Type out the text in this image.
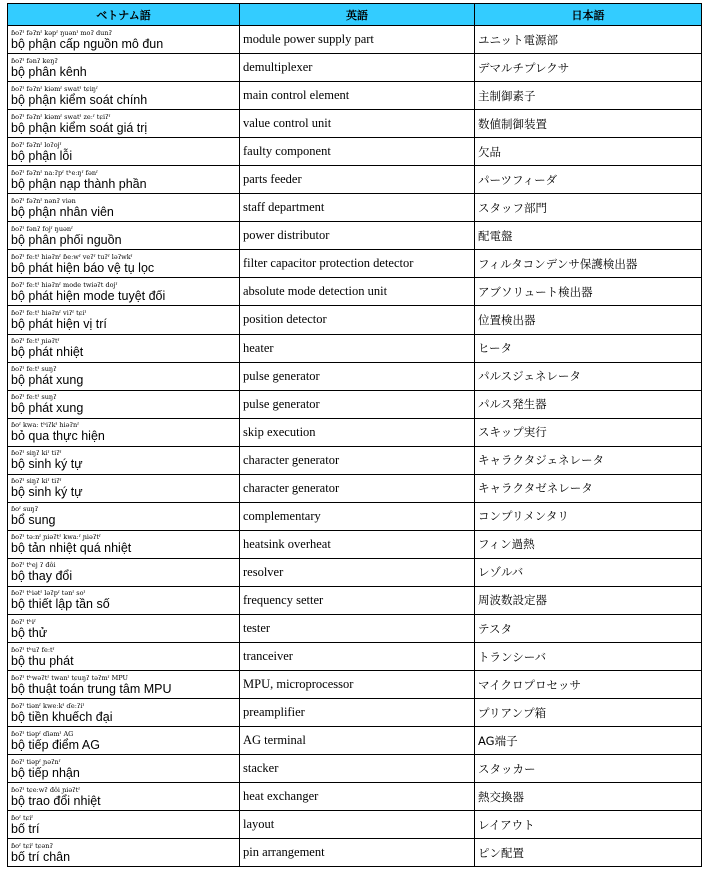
ベトナム語	英語	日本語

ɓoʔˀ fəʔnˀ kəpˀ ŋuənˀ moʔ dunʔ
bộ phận cấp nguồn mô đun	module power supply part	ユニット電源部

ɓoʔˀ fənʔ keŋʔ
bộ phân kênh	demultiplexer	デマルチプレクサ

ɓoʔˀ fəʔnˀ kiəmˀ swatˀ tɕiŋˀ
bộ phận kiểm soát chính	main control element	主制御素子

ɓoʔˀ fəʔnˀ kiəmˀ swatˀ zeːˀ tɕiʔˀ
bộ phận kiểm soát giá trị	value control unit	数値制御装置

ɓoʔˀ fəʔnˀ loʔojˀ
bộ phận lỗi	faulty component	欠品

ɓoʔˀ fəʔnˀ naːʔpˀ tʰeːŋˀ fənˀ
bộ phận nạp thành phần	parts feeder	パーツフィーダ

ɓoʔˀ fəʔnˀ nənʔ viən
bộ phận nhân viên	staff department	スタッフ部門

ɓoʔˀ fənʔ fojˀ ŋuənˀ
bộ phân phối nguồn	power distributor	配電盤

ɓoʔˀ feːtˀ hiəʔnˀ ɓeːwˀ veʔˀ tuʔˀ ləʔwkˀ
bộ phát hiện báo vệ tụ lọc	filter capacitor protection detector	フィルタコンデンサ保護検出器

ɓoʔˀ feːtˀ hiəʔnˀ mode twiəʔt dojˀ
bộ phát hiện mode tuyệt đối	absolute mode detection unit	アブソリュート検出器

ɓoʔˀ feːtˀ hiəʔnˀ viʔˀ tɕiˀ
bộ phát hiện vị trí	position detector	位置検出器

ɓoʔˀ feːtˀ ɲiəʔtˀ
bộ phát nhiệt	heater	ヒータ

ɓoʔˀ feːtˀ suŋʔ
bộ phát xung	pulse generator	パルスジェネレータ

ɓoʔˀ feːtˀ suŋʔ
bộ phát xung	pulse generator	パルス発生器

ɓoˀ kwaː tʰiʔkˀ hiəʔnˀ
bỏ qua thực hiện	skip execution	スキップ実行

ɓoʔˀ siŋʔ kiˀ tiʔˀ
bộ sinh ký tự	character generator	キャラクタジェネレータ

ɓoʔˀ siŋʔ kiˀ tiʔˀ
bộ sinh ký tự	character generator	キャラクタゼネレータ

ɓoˀ suŋʔ
bổ sung	complementary	コンプリメンタリ

ɓoʔˀ təːnˀ ɲiəʔtˀ kwaːˀ ɲiəʔtˀ
bộ tản nhiệt quá nhiệt	heatsink overheat	フィン過熱

ɓoʔˀ tʰej ʔ đôi
bộ thay đổi	resolver	レゾルバ

ɓoʔˀ tʰiətˀ ləʔpˀ tənˀ soˀ
bộ thiết lập tần số	frequency setter	周波数設定器

ɓoʔˀ tʰɨˀ
bộ thử	tester	テスタ

ɓoʔˀ tʰuʔ feːtˀ
bộ thu phát	tranceiver	トランシーバ

ɓoʔˀ tʰwəʔtˀ twanˀ tɕuŋʔ təʔmˀ MPU
bộ thuật toán trung tâm MPU	MPU, microprocessor	マイクロプロセッサ

ɓoʔˀ tiənˀ kweːkˀ ɗeːʔiˀ
bộ tiền khuếch đại	preamplifier	プリアンプ箱

ɓoʔˀ tiəpˀ ɗiəmˀ AG
bộ tiếp điểm AG	AG terminal	AG端子

ɓoʔˀ tiəpˀ ɲəʔnˀ
bộ tiếp nhận	stacker	スタッカー

ɓoʔˀ tɕeːwʔ đôi ɲiəʔtˀ
bộ trao đổi nhiệt	heat exchanger	熱交換器

ɓoˀ tɕiˀ
bố trí	layout	レイアウト

ɓoˀ tɕiˀ tɕənʔ
bố trí chân	pin arrangement	ピン配置
